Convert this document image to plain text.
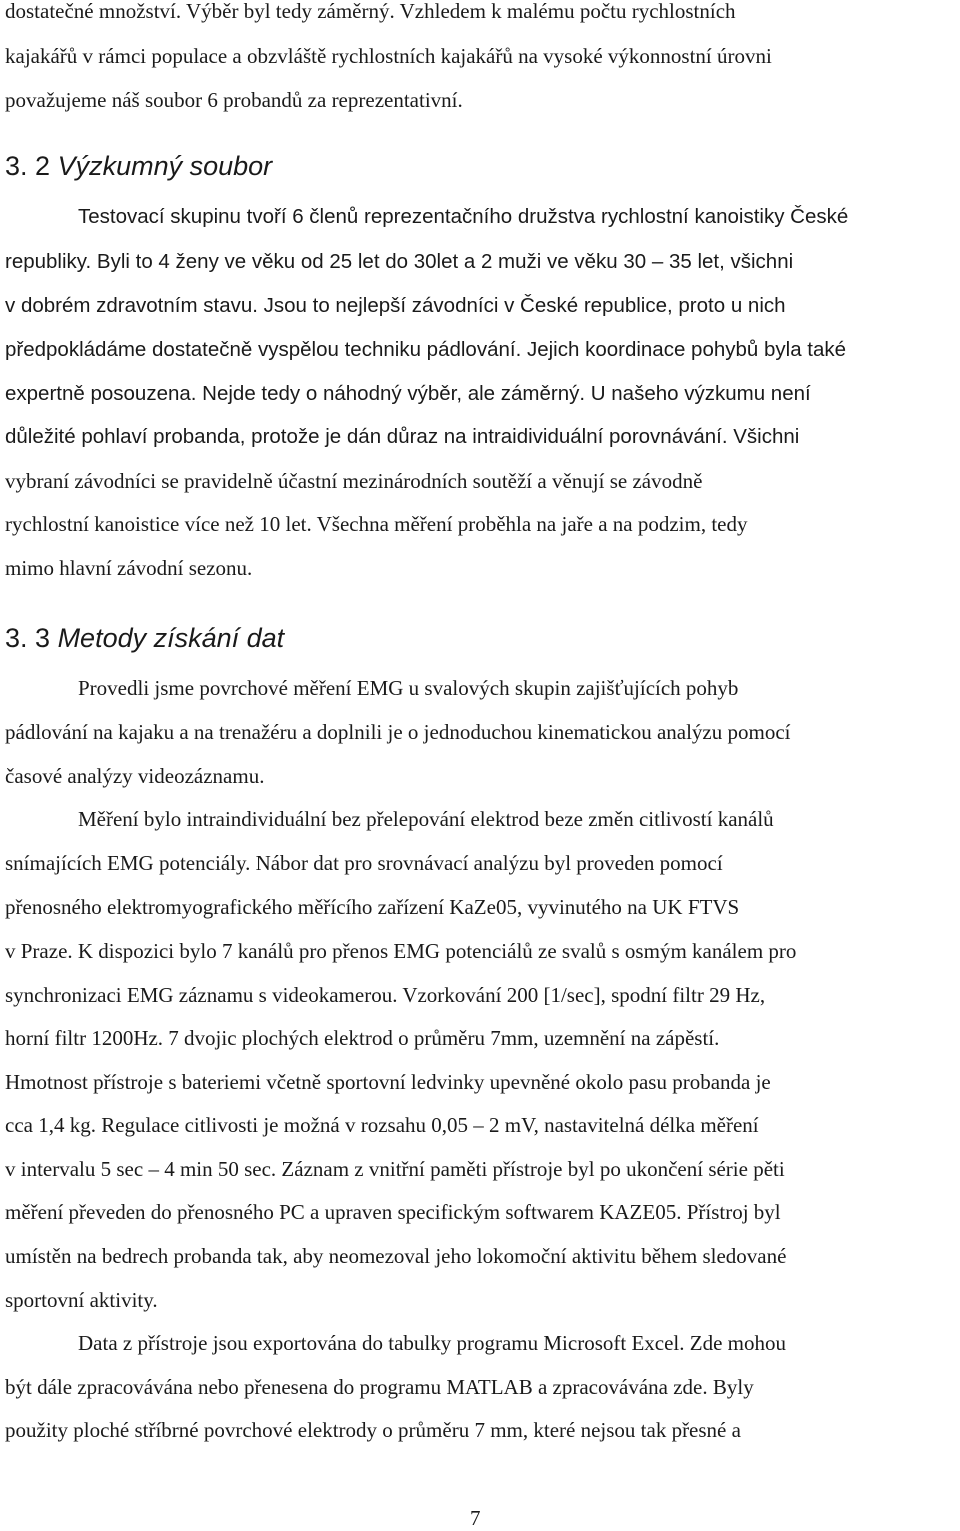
dostatečné množství. Výběr byl tedy záměrný. Vzhledem k malému počtu rychlostních
kajakářů v rámci populace a obzvláště rychlostních kajakářů na vysoké výkonnostní úrovni
považujeme náš soubor 6 probandů za reprezentativní.
3. 2 Výzkumný soubor
Testovací skupinu tvoří 6 členů reprezentačního družstva rychlostní kanoistiky České
republiky. Byli to 4 ženy ve věku od 25 let do 30let a 2 muži ve věku 30 – 35 let, všichni
v dobrém zdravotním stavu. Jsou to nejlepší závodníci v České republice, proto u nich
předpokládáme dostatečně vyspělou techniku pádlování. Jejich koordinace pohybů byla také
expertně posouzena. Nejde tedy o náhodný výběr, ale záměrný. U našeho výzkumu není
důležité pohlaví probanda, protože je dán důraz na intraidividuální porovnávání. Všichni
vybraní závodníci se pravidelně účastní mezinárodních soutěží a věnují se závodně
rychlostní kanoistice více než 10 let. Všechna měření proběhla na jaře a na podzim, tedy
mimo hlavní závodní sezonu.
3. 3 Metody získání dat
Provedli jsme povrchové měření EMG u svalových skupin zajišťujících pohyb
pádlování na kajaku a na trenažéru a doplnili je o jednoduchou kinematickou analýzu pomocí
časové analýzy videozáznamu.
Měření bylo intraindividuální bez přelepování elektrod beze změn citlivostí kanálů
snímajících EMG potenciály. Nábor dat pro srovnávací analýzu byl proveden pomocí
přenosného elektromyografického měřícího zařízení KaZe05, vyvinutého na UK FTVS
v Praze. K dispozici bylo 7 kanálů pro přenos EMG potenciálů ze svalů s osmým kanálem pro
synchronizaci EMG záznamu s videokamerou. Vzorkování 200 [1/sec], spodní filtr 29 Hz,
horní filtr 1200Hz. 7 dvojic plochých elektrod o průměru 7mm, uzemnění na zápěstí.
Hmotnost přístroje s bateriemi včetně sportovní ledvinky upevněné okolo pasu probanda je
cca 1,4 kg. Regulace citlivosti je možná v rozsahu 0,05 – 2 mV, nastavitelná délka měření
v intervalu 5 sec – 4 min 50 sec. Záznam z vnitřní paměti přístroje byl po ukončení série pěti
měření převeden do přenosného PC a upraven specifickým softwarem KAZE05. Přístroj byl
umístěn na bedrech probanda tak, aby neomezoval jeho lokomoční aktivitu během sledované
sportovní aktivity.
Data z přístroje jsou exportována do tabulky programu Microsoft Excel. Zde mohou
být dále zpracovávána nebo přenesena do programu MATLAB a zpracovávána zde. Byly
použity ploché stříbrné povrchové elektrody o průměru 7 mm, které nejsou tak přesné a
7
